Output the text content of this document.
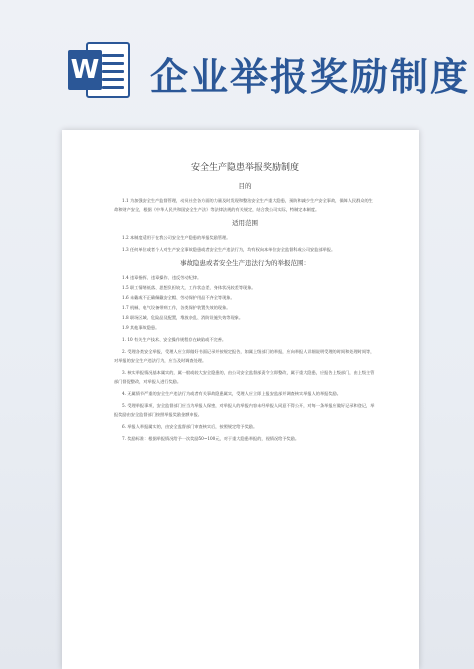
W 企业举报奖励制度
安全生产隐患举报奖励制度
目的

1.1 为加强安全生产监督管理，动员社会各方面的力量及时发现和整治安全生产重大隐患，预防和减少生产安全事故，保障人民群众的生命和财产安全，根据《中华人民共和国安全生产法》等法律法规的有关规定，结合我公司实际，特制定本制度。

适用范围

1.2 本制度适用于在我公司安全生产隐患的举报奖励管理。

1.3 任何单位或者个人对生产安全事故隐患或者安全生产违法行为，均有权向本单位安全监督科或公司安监部举报。

事故隐患或者安全生产违法行为的举报范围：

1.4 违章指挥、违章操作、违反劳动纪律。

1.5 职工情绪低落、思想负担较大，工作状态差、身体状况较差等现象。

1.6 未戴或不正确佩戴安全帽、劳动保护用品不齐全等现象。

1.7 机械、电气设备带病工作，各类保护装置失效的现象。

1.8 职场区域、危险品及配置，堆放杂乱、消防设施失效等现象。

1.9 其他事故隐患。

1. 10 有关生产技术、安全操作规程存在缺陷或不完善。

2. 受理各类安全举报，受理人应立即做好书面记录并按规定报告，如属上级部门的举报，应向举报人详细说明受理的时间和处理时间等，对举报的安全生产违法行为，应当及时调查处理。

3. 核实举报情况基本属实的，属一般或较大安全隐患的，由公司安全监督部责令立即整改，属于重大隐患，应报告上级部门，由上级主管部门督促整改，对举报人进行奖励。

4. 无属情节严重的安全生产违法行为或者有关事故隐患属实，受理人应立即上报安监部并调查核实举报人的举报奖励。

5. 受理举报事项，安全监督部门应当为举报人保密，对举报人的举报内容未经举报人同意不得公开，对每一条举报应做好记录和登记，举报奖励由安全监督部门按照举报奖励金额申报。

6. 举报人举报属实的，由安全监督部门审查核实后，按照规定给予奖励。

7. 奖励标准：根据举报情况给予一次奖励50~100元，对于重大隐患举报的，视情况给予奖励。
